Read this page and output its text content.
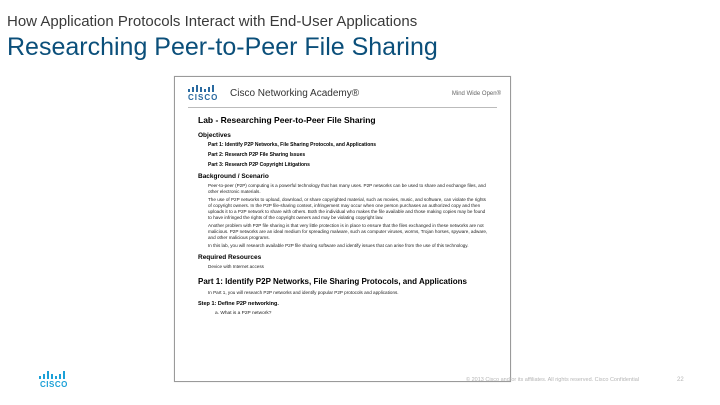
How Application Protocols Interact with End-User Applications
Researching Peer-to-Peer File Sharing
CISCO Cisco Networking Academy®	Mind Wide Open®
Lab - Researching Peer-to-Peer File Sharing
Objectives
Part 1: Identify P2P Networks, File Sharing Protocols, and Applications
Part 2: Research P2P File Sharing Issues
Part 3: Research P2P Copyright Litigations
Background / Scenario
Peer-to-peer (P2P) computing is a powerful technology that has many uses. P2P networks can be used to share and exchange files, and other electronic materials.
The use of P2P networks to upload, download, or share copyrighted material, such as movies, music, and software, can violate the rights of copyright owners. In the P2P file-sharing context, infringement may occur when one person purchases an authorized copy and then uploads it to a P2P network to share with others. Both the individual who makes the file available and those making copies may be found to have infringed the rights of the copyright owners and may be violating copyright law.
Another problem with P2P file sharing is that very little protection is in place to ensure that the files exchanged in these networks are not malicious. P2P networks are an ideal medium for spreading malware, such as computer viruses, worms, Trojan horses, spyware, adware, and other malicious programs.
In this lab, you will research available P2P file sharing software and identify issues that can arise from the use of this technology.
Required Resources
Device with Internet access
Part 1: Identify P2P Networks, File Sharing Protocols, and Applications
In Part 1, you will research P2P networks and identify popular P2P protocols and applications.
Step 1: Define P2P networking.
a. What is a P2P network?
CISCO	© 2013 Cisco and/or its affiliates. All rights reserved. Cisco Confidential	22
